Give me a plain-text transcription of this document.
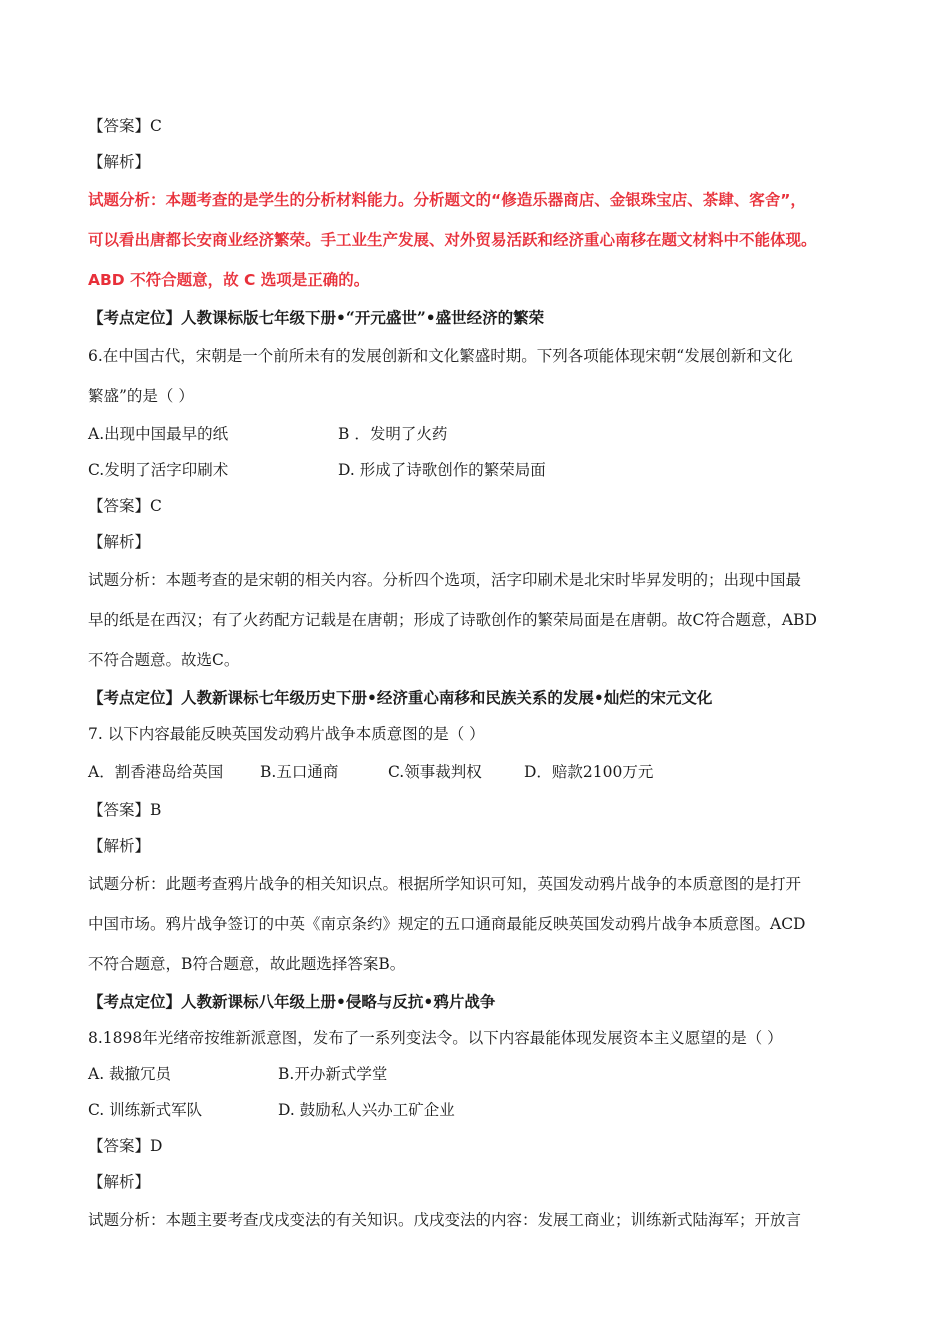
【答案】C
【解析】
试题分析：本题考查的是学生的分析材料能力。分析题文的“修造乐器商店、金银珠宝店、茶肆、客舍”，
可以看出唐都长安商业经济繁荣。手工业生产发展、对外贸易活跃和经济重心南移在题文材料中不能体现。
ABD 不符合题意，故 C 选项是正确的。
【考点定位】人教课标版七年级下册•“开元盛世”•盛世经济的繁荣
6.在中国古代，宋朝是一个前所未有的发展创新和文化繁盛时期。下列各项能体现宋朝“发展创新和文化
繁盛”的是（ ）
A.出现中国最早的纸	B ．发明了火药
C.发明了活字印刷术	D. 形成了诗歌创作的繁荣局面
【答案】C
【解析】
试题分析：本题考查的是宋朝的相关内容。分析四个选项，活字印刷术是北宋时毕昇发明的；出现中国最
早的纸是在西汉；有了火药配方记载是在唐朝；形成了诗歌创作的繁荣局面是在唐朝。故C符合题意，ABD
不符合题意。故选C。
【考点定位】人教新课标七年级历史下册•经济重心南移和民族关系的发展•灿烂的宋元文化
7. 以下内容最能反映英国发动鸦片战争本质意图的是（ ）
A．割香港岛给英国	B.五口通商	C.领事裁判权	D．赔款2100万元
【答案】B
【解析】
试题分析：此题考查鸦片战争的相关知识点。根据所学知识可知，英国发动鸦片战争的本质意图的是打开
中国市场。鸦片战争签订的中英《南京条约》规定的五口通商最能反映英国发动鸦片战争本质意图。ACD
不符合题意，B符合题意，故此题选择答案B。
【考点定位】人教新课标八年级上册•侵略与反抗•鸦片战争
8.1898年光绪帝按维新派意图，发布了一系列变法令。以下内容最能体现发展资本主义愿望的是（ ）
A. 裁撤冗员	B.开办新式学堂
C. 训练新式军队	D. 鼓励私人兴办工矿企业
【答案】D
【解析】
试题分析：本题主要考查戊戌变法的有关知识。戊戌变法的内容：发展工商业；训练新式陆海军；开放言
